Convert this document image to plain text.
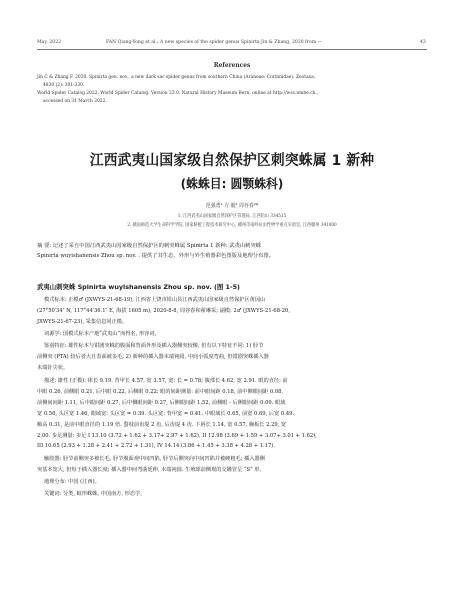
May, 2022	FAN Qiang-Yong et al.: A new species of the spider genus Spinirta Jin & Zhang, 2020 from —	43
References
Jin C & Zhang F. 2020. Spinirta gen. nov., a new dark sac spider genus from southern China (Araneae: Corinnidae). Zootaxa,
4830 (2): 301-330.
World Spider Catalog 2022. World Spider Catalog. Version 23.0. Natural History Museum Bern, online at http://wsc.nmbe.ch.,
accessed on 31 March 2022.
江西武夷山国家级自然保护区刺突蛛属 1 新种
(蛛蛛目: 圆颚蛛科)
范强勇¹ 方 毅² 周谷春²*
1. 江西武夷山国家级自然保护区管理局, 江西铅山 334515
2. 赣南师范大学生命科学学院, 国家脐橙工程技术研究中心, 赣州市南岭抗虫性物学重点实验室, 江西赣州 341000
摘 要: 记述了采自中国江西武夷山国家级自然保护区的刺突蛛属 Spinirta 1 新种: 武夷山刺突蛛
Spinirta wuyishanensis Zhou sp. nov. . 提供了其生态、外形与外生殖器彩色图版及地理分布图。
武夷山刺突蛛 Spinirta wuyishanensis Zhou sp. nov. (图 1-5)
模式标本: 正模♂ (JXWYS-21-68-19), 江西省上饶市铅山县江西武夷山国家级自然保护区黄冈山
(27°50′34″ N, 117°44′36.1″ E, 海拔 1605 m), 2020-8-8, 周谷春和翟琳采; 副模: 2♂ (JXWYS-21-68-20,
JXWYS-21-67-23), 采集信息同正模。
词源学: 国模式标本产地“武夷山”而得名, 形容词。
鉴别特征: 雄性标本与钳剧突蛛的腹面和背面外形及插入器侧突较像, 但有以下特征不同: 1) 胫节
前侧突 (PTA) 较后者大且表面被多毛; 2) 新种的插入器末端钝圆, 中间小弧度弯曲, 但钳剧突蛛插入器
末端针尖状。
描述: 雄性 (正模): 体长 9.19. 背甲长 4.57, 宽 3.57, 宽: 长 = 0.78; 腹部长 4.62, 宽 2.91. 眼的直径: 前
中眼 0.26, 前侧眼 0.21, 后中眼 0.22, 后侧眼 0.22; 眼的间距测量: 前中眼间距 0.18, 前中侧眼间距 0.08,
前侧间间距 1.11, 后中眼间距 0.27, 后中侧眼间距 0.27, 后侧眼间距 1.52, 前侧眼 - 后侧眼间距 0.09. 眼域
宽 0.56, 头区宽 1.46, 眼域宽: 头区宽 = 0.39. 头区宽: 背甲宽 = 0.41. 中眼域长 0.65, 前宽 0.69, 后宽 0.49.
额高 0.31, 是前中眼直径的 1.19 倍. 螯枝前齿堤 2 齿, 后齿堤 4 齿. 下唇长 1.14, 宽 0.57. 胸板长 2.29, 宽
2.00. 步足测量: 步足 I 13.10 (3.72 + 1.62 + 3.17+ 2.97 + 1.62), II 12.98 (3.69 + 1.59 + 3.07+ 3.01 + 1.62),
III 10.65 (2.93 + 1.28 + 2.41 + 2.72 + 1.31), IV 14.14 (3.86 + 1.45 + 3.38 + 4.28 + 1.17).
触肢器: 胫节前侧突多被长毛, 胫节腹面观中间凹陷, 胫节后侧突向中间凹陷并被硬粗毛; 插入器侧
突基本宽大, 但短于插入器长度; 插入器中间弯曲延伸, 末端钝圆. 生殖球前侧观的交媾管呈 “S” 形。
地理分布: 中国 (江西)。
关键词: 分类, 蚁形蛛蛛, 中国南方, 形态学。
